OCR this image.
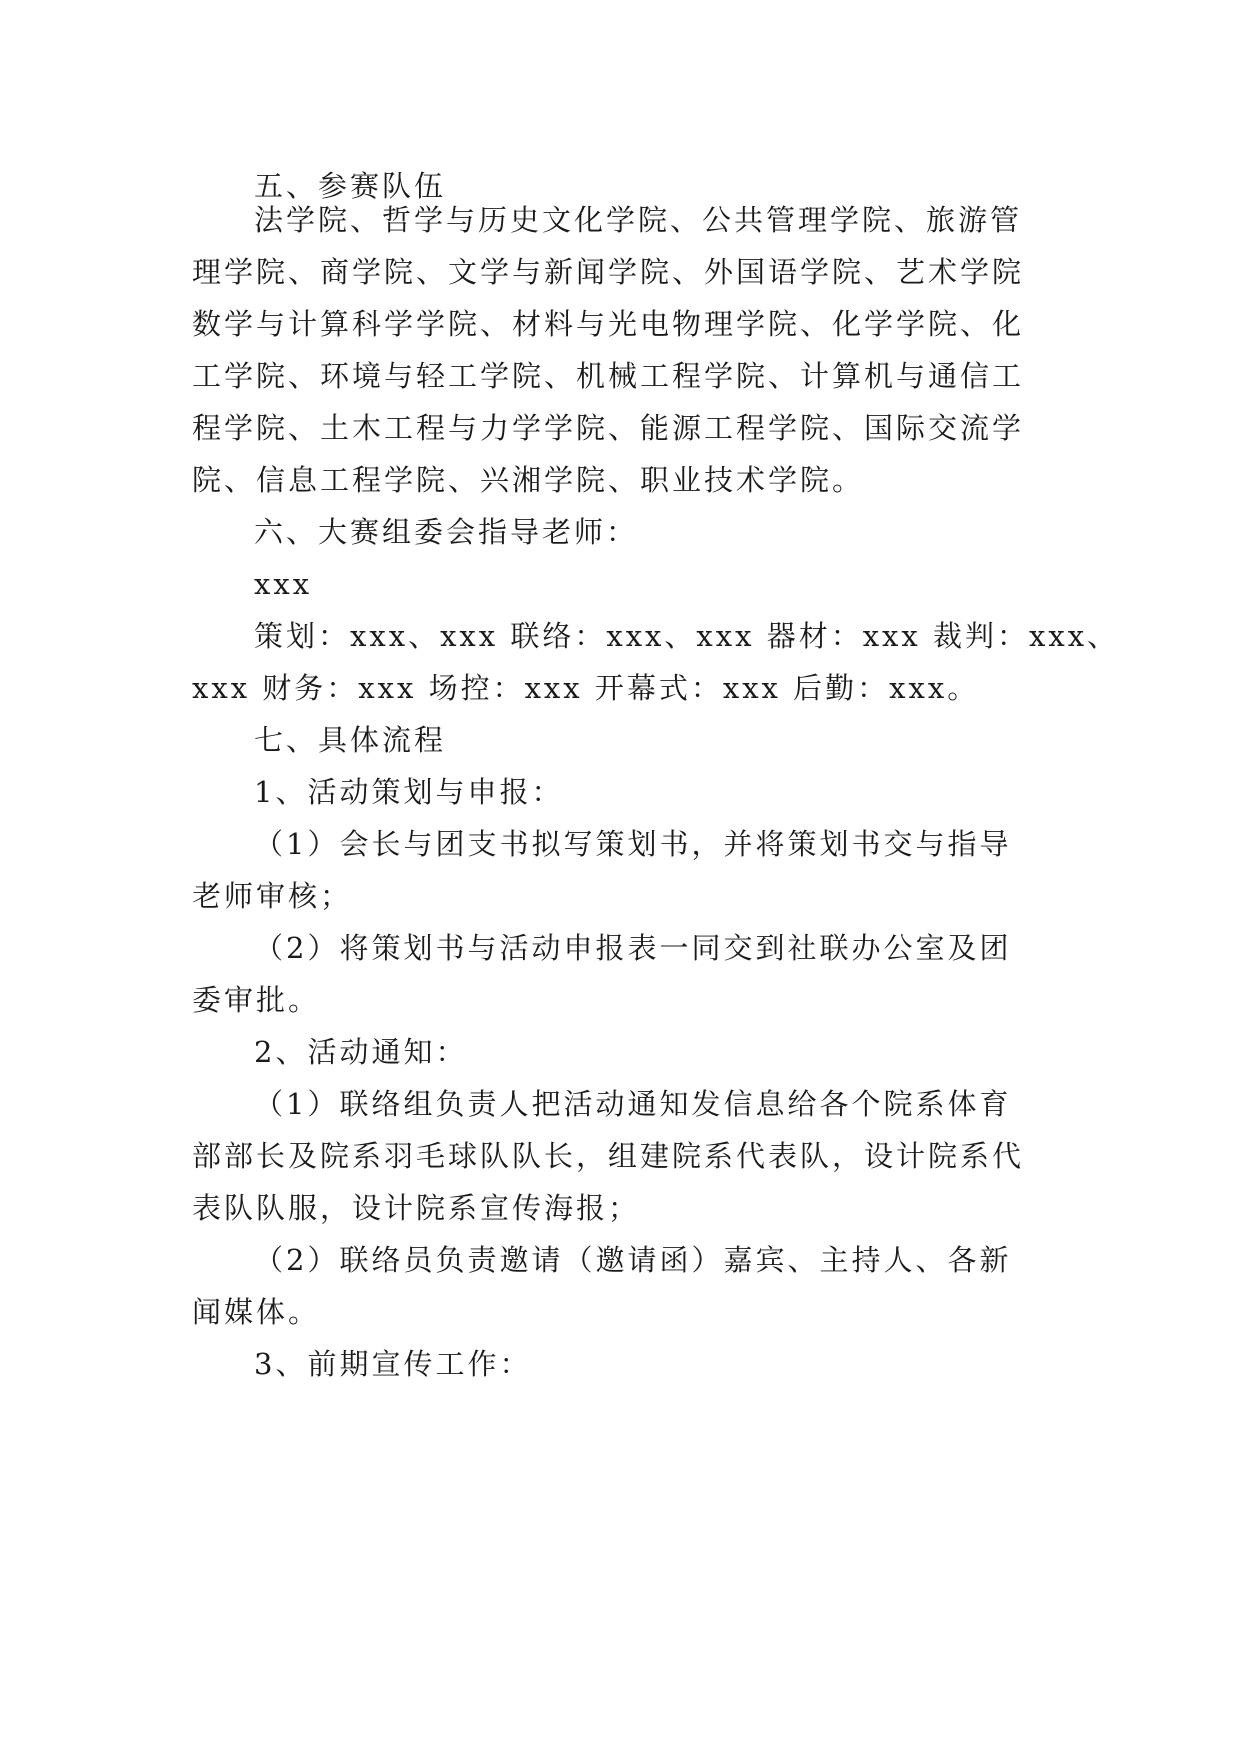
五、参赛队伍
法学院、哲学与历史文化学院、公共管理学院、旅游管
理学院、商学院、文学与新闻学院、外国语学院、艺术学院
数学与计算科学学院、材料与光电物理学院、化学学院、化
工学院、环境与轻工学院、机械工程学院、计算机与通信工
程学院、土木工程与力学学院、能源工程学院、国际交流学
院、信息工程学院、兴湘学院、职业技术学院。
六、大赛组委会指导老师：
xxx
策划：xxx、xxx 联络：xxx、xxx 器材：xxx 裁判：xxx、
xxx 财务：xxx 场控：xxx 开幕式：xxx 后勤：xxx。
七、具体流程
1、活动策划与申报：
（1）会长与团支书拟写策划书，并将策划书交与指导
老师审核；
（2）将策划书与活动申报表一同交到社联办公室及团
委审批。
2、活动通知：
（1）联络组负责人把活动通知发信息给各个院系体育
部部长及院系羽毛球队队长，组建院系代表队，设计院系代
表队队服，设计院系宣传海报；
（2）联络员负责邀请（邀请函）嘉宾、主持人、各新
闻媒体。
3、前期宣传工作：
